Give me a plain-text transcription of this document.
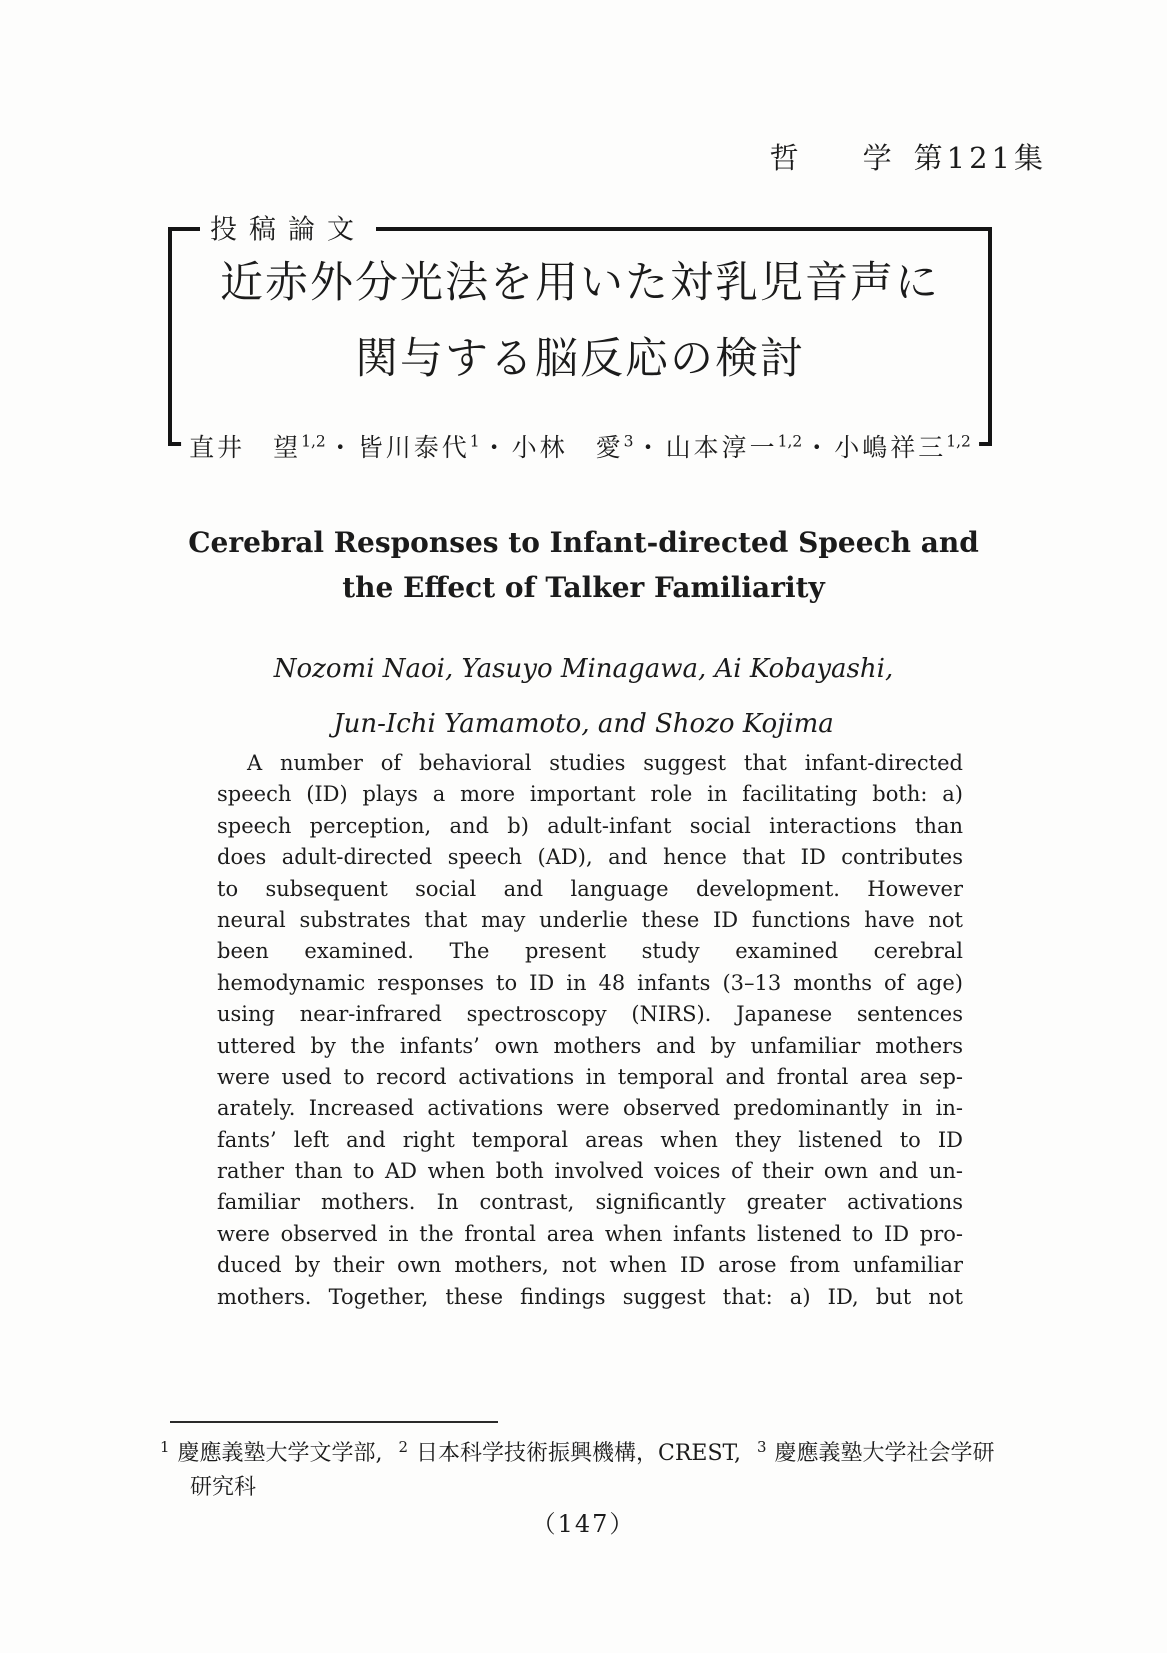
哲　　学 第121集
投稿論文
近赤外分光法を用いた対乳児音声に
関与する脳反応の検討
直井　望$^{1,2}$・皆川泰代$^1$・小林　愛$^3$・山本淳一$^{1,2}$・小嶋祥三$^{1,2}$
Cerebral Responses to Infant-directed Speech and
the Effect of Talker Familiarity
Nozomi Naoi, Yasuyo Minagawa, Ai Kobayashi,
Jun-Ichi Yamamoto, and Shozo Kojima
A number of behavioral studies suggest that infant-directed
speech (ID) plays a more important role in facilitating both: a)
speech perception, and b) adult-infant social interactions than
does adult-directed speech (AD), and hence that ID contributes
to subsequent social and language development. However
neural substrates that may underlie these ID functions have not
been examined. The present study examined cerebral
hemodynamic responses to ID in 48 infants (3–13 months of age)
using near-infrared spectroscopy (NIRS). Japanese sentences
uttered by the infants’ own mothers and by unfamiliar mothers
were used to record activations in temporal and frontal area sep-
arately. Increased activations were observed predominantly in in-
fants’ left and right temporal areas when they listened to ID
rather than to AD when both involved voices of their own and un-
familiar mothers. In contrast, significantly greater activations
were observed in the frontal area when infants listened to ID pro-
duced by their own mothers, not when ID arose from unfamiliar
mothers. Together, these findings suggest that: a) ID, but not
$^1$ 慶應義塾大学文学部, $^2$ 日本科学技術振興機構，CREST, $^3$ 慶應義塾大学社会学研
研究科
（147）
